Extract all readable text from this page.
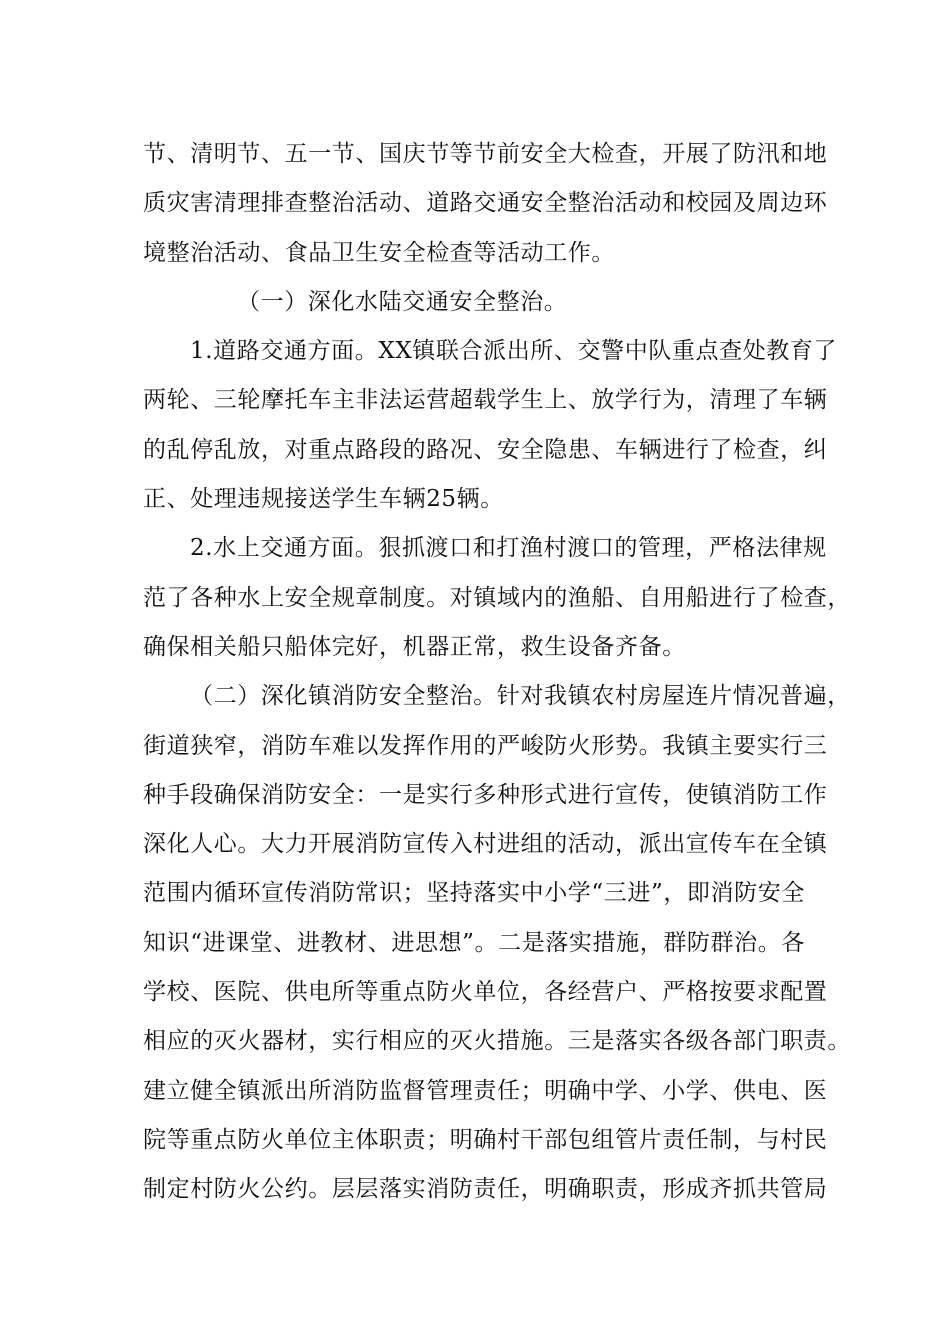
节、清明节、五一节、国庆节等节前安全大检查，开展了防汛和地
质灾害清理排查整治活动、道路交通安全整治活动和校园及周边环
境整治活动、食品卫生安全检查等活动工作。
（一）深化水陆交通安全整治。
1.道路交通方面。XX镇联合派出所、交警中队重点查处教育了
两轮、三轮摩托车主非法运营超载学生上、放学行为，清理了车辆
的乱停乱放，对重点路段的路况、安全隐患、车辆进行了检查，纠
正、处理违规接送学生车辆25辆。
2.水上交通方面。狠抓渡口和打渔村渡口的管理，严格法律规
范了各种水上安全规章制度。对镇域内的渔船、自用船进行了检查，
确保相关船只船体完好，机器正常，救生设备齐备。
（二）深化镇消防安全整治。针对我镇农村房屋连片情况普遍，
街道狭窄，消防车难以发挥作用的严峻防火形势。我镇主要实行三
种手段确保消防安全：一是实行多种形式进行宣传，使镇消防工作
深化人心。大力开展消防宣传入村进组的活动，派出宣传车在全镇
范围内循环宣传消防常识；坚持落实中小学“三进”，即消防安全
知识“进课堂、进教材、进思想”。二是落实措施，群防群治。各
学校、医院、供电所等重点防火单位，各经营户、严格按要求配置
相应的灭火器材，实行相应的灭火措施。三是落实各级各部门职责。
建立健全镇派出所消防监督管理责任；明确中学、小学、供电、医
院等重点防火单位主体职责；明确村干部包组管片责任制，与村民
制定村防火公约。层层落实消防责任，明确职责，形成齐抓共管局
